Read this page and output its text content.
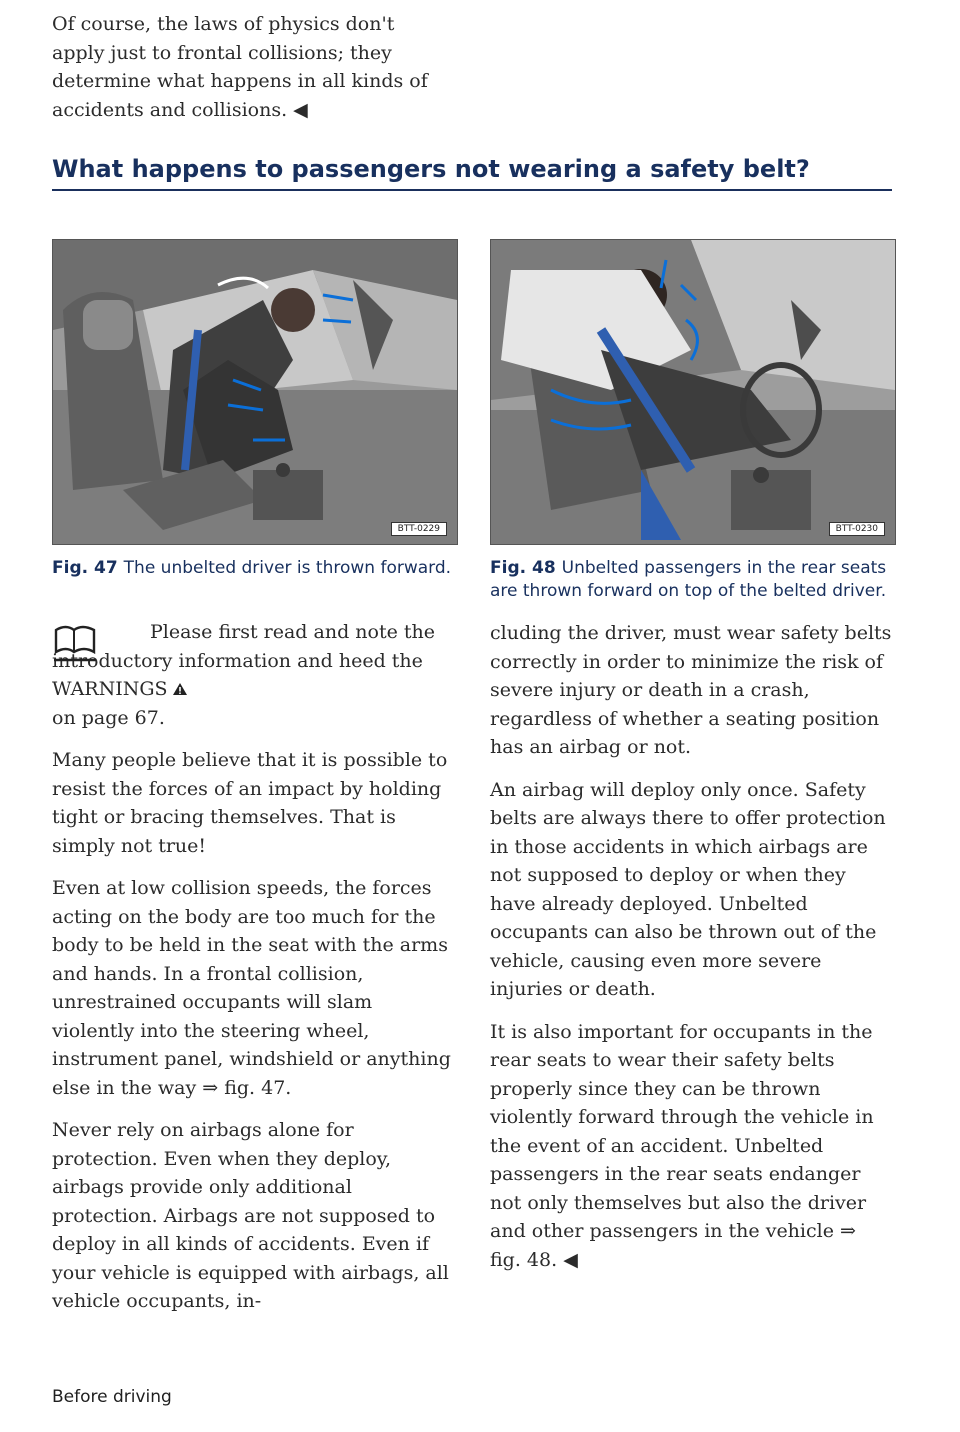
Of course, the laws of physics don't apply just to frontal collisions; they determine what happens in all kinds of accidents and collisions. ◀

What happens to passengers not wearing a safety belt?
BTT-0229	BTT-0230

Fig. 47 The unbelted driver is thrown forward. Fig. 48 Unbelted passengers in the rear seats are thrown forward on top of the belted driver.

Please first read and note the introductory information and heed the WARNINGS
on page 67.

Many people believe that it is possible to resist the forces of an impact by holding tight or bracing themselves. That is simply not true!

Even at low collision speeds, the forces acting on the body are too much for the body to be held in the seat with the arms and hands. In a frontal collision, unrestrained occupants will slam violently into the steering wheel, instrument panel, windshield or anything else in the way ⇒ fig. 47.

Never rely on airbags alone for protection. Even when they deploy, airbags provide only additional protection. Airbags are not supposed to deploy in all kinds of accidents. Even if your vehicle is equipped with airbags, all vehicle occupants, in-

cluding the driver, must wear safety belts correctly in order to minimize the risk of severe injury or death in a crash, regardless of whether a seating position has an airbag or not.

An airbag will deploy only once. Safety belts are always there to offer protection in those accidents in which airbags are not supposed to deploy or when they have already deployed. Unbelted occupants can also be thrown out of the vehicle, causing even more severe injuries or death.

It is also important for occupants in the rear seats to wear their safety belts properly since they can be thrown violently forward through the vehicle in the event of an accident. Unbelted passengers in the rear seats endanger not only themselves but also the driver and other passengers in the vehicle ⇒ fig. 48. ◀

Before driving
